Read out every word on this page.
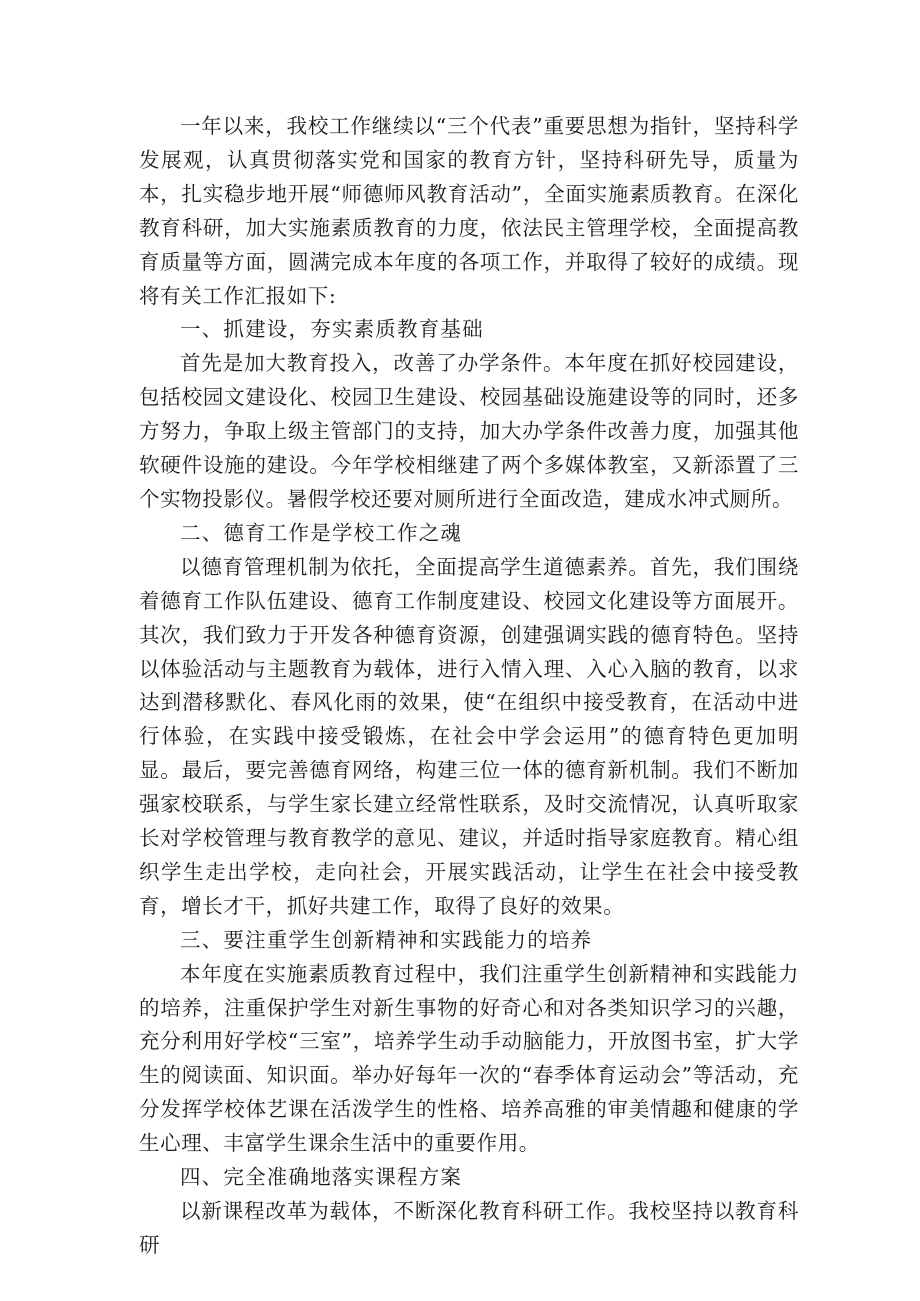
一年以来，我校工作继续以“三个代表”重要思想为指针，坚持科学发展观，认真贯彻落实党和国家的教育方针，坚持科研先导，质量为本，扎实稳步地开展“师德师风教育活动”，全面实施素质教育。在深化教育科研，加大实施素质教育的力度，依法民主管理学校，全面提高教育质量等方面，圆满完成本年度的各项工作，并取得了较好的成绩。现将有关工作汇报如下:

一、抓建设，夯实素质教育基础

首先是加大教育投入，改善了办学条件。本年度在抓好校园建设，包括校园文建设化、校园卫生建设、校园基础设施建设等的同时，还多方努力，争取上级主管部门的支持，加大办学条件改善力度，加强其他软硬件设施的建设。今年学校相继建了两个多媒体教室，又新添置了三个实物投影仪。暑假学校还要对厕所进行全面改造，建成水冲式厕所。

二、德育工作是学校工作之魂

以德育管理机制为依托，全面提高学生道德素养。首先，我们围绕着德育工作队伍建设、德育工作制度建设、校园文化建设等方面展开。其次，我们致力于开发各种德育资源，创建强调实践的德育特色。坚持以体验活动与主题教育为载体，进行入情入理、入心入脑的教育，以求达到潜移默化、春风化雨的效果，使“在组织中接受教育，在活动中进行体验，在实践中接受锻炼，在社会中学会运用”的德育特色更加明显。最后，要完善德育网络，构建三位一体的德育新机制。我们不断加强家校联系，与学生家长建立经常性联系，及时交流情况，认真听取家长对学校管理与教育教学的意见、建议，并适时指导家庭教育。精心组织学生走出学校，走向社会，开展实践活动，让学生在社会中接受教育，增长才干，抓好共建工作，取得了良好的效果。

三、要注重学生创新精神和实践能力的培养

本年度在实施素质教育过程中，我们注重学生创新精神和实践能力的培养，注重保护学生对新生事物的好奇心和对各类知识学习的兴趣，充分利用好学校“三室”，培养学生动手动脑能力，开放图书室，扩大学生的阅读面、知识面。举办好每年一次的“春季体育运动会”等活动，充分发挥学校体艺课在活泼学生的性格、培养高雅的审美情趣和健康的学生心理、丰富学生课余生活中的重要作用。

四、完全准确地落实课程方案

以新课程改革为载体，不断深化教育科研工作。我校坚持以教育科研
